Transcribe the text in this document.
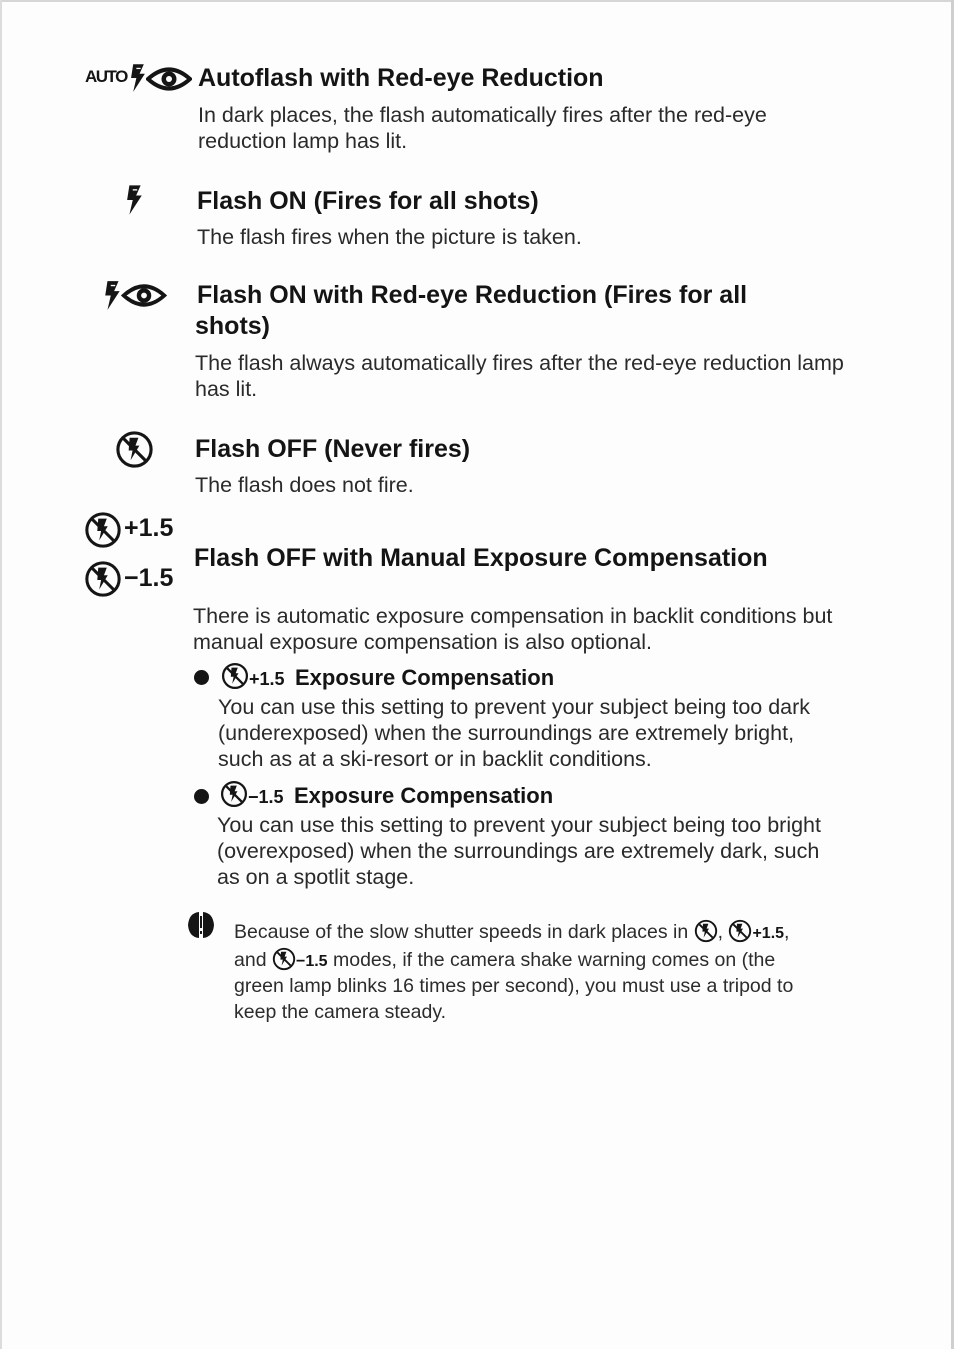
AUTO	Autoflash with Red-eye Reduction

In dark places, the flash automatically fires after the red-eye reduction lamp has lit.

Flash ON (Fires for all shots)

The flash fires when the picture is taken.

Flash ON with Red-eye Reduction (Fires for all
shots)

The flash always automatically fires after the red-eye reduction lamp has lit.

Flash OFF (Never fires)

The flash does not fire.

+1.5
−1.5
Flash OFF with Manual Exposure Compensation

There is automatic exposure compensation in backlit conditions but manual exposure compensation is also optional.

+1.5 Exposure Compensation

You can use this setting to prevent your subject being too dark (underexposed) when the surroundings are extremely bright, such as at a ski-resort or in backlit conditions.

−1.5 Exposure Compensation

You can use this setting to prevent your subject being too bright (overexposed) when the surroundings are extremely dark, such as on a spotlit stage.

Because of the slow shutter speeds in dark places in , +1.5, and −1.5 modes, if the camera shake warning comes on (the green lamp blinks 16 times per second), you must use a tripod to keep the camera steady.
